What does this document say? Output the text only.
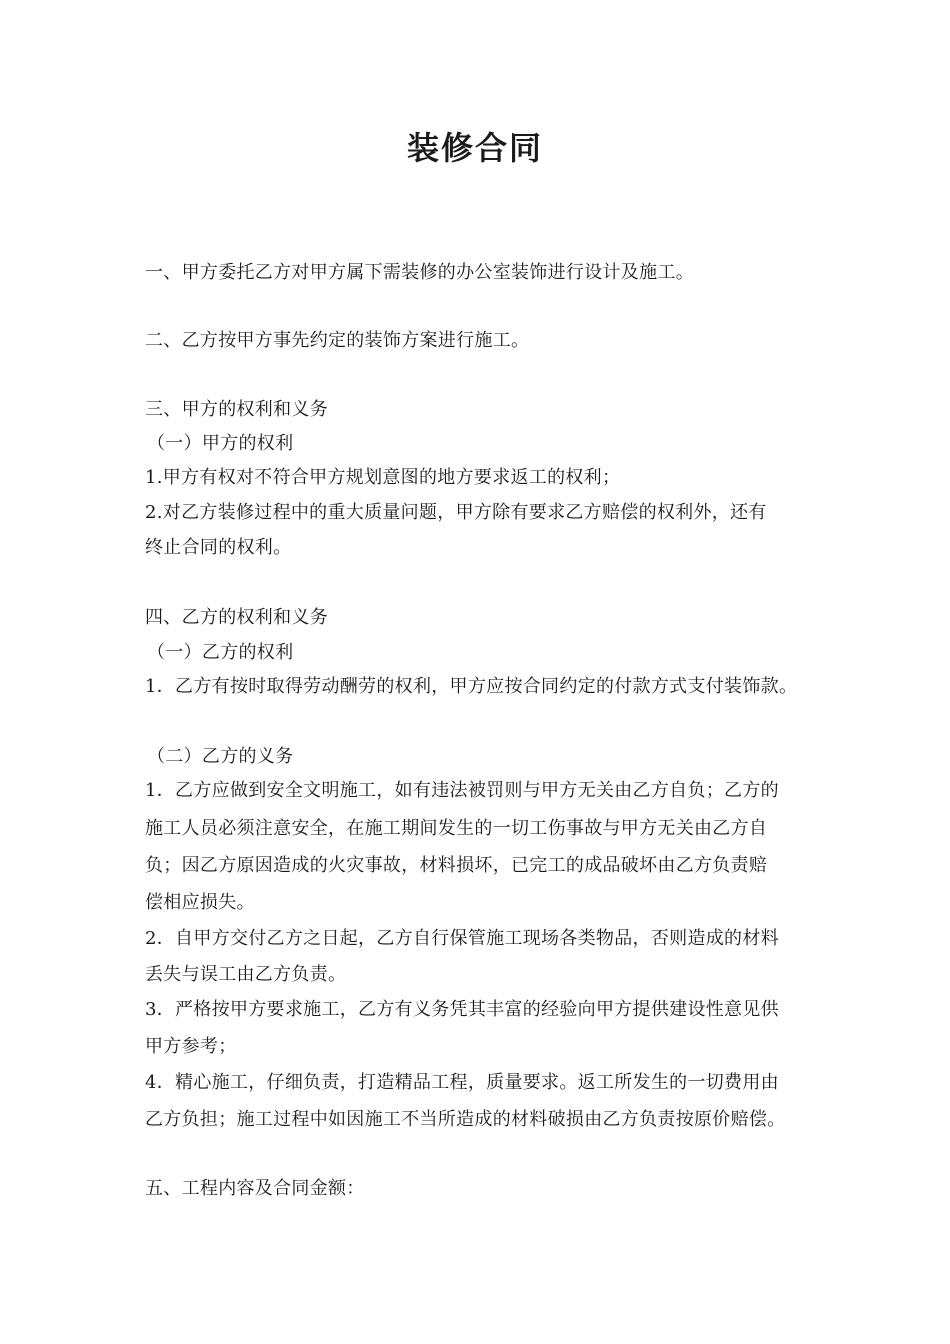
装修合同
一、甲方委托乙方对甲方属下需装修的办公室装饰进行设计及施工。
二、乙方按甲方事先约定的装饰方案进行施工。
三、甲方的权利和义务
（一）甲方的权利
1.甲方有权对不符合甲方规划意图的地方要求返工的权利；
2.对乙方装修过程中的重大质量问题，甲方除有要求乙方赔偿的权利外，还有
终止合同的权利。
四、乙方的权利和义务
（一）乙方的权利
1．乙方有按时取得劳动酬劳的权利，甲方应按合同约定的付款方式支付装饰款。
（二）乙方的义务
1．乙方应做到安全文明施工，如有违法被罚则与甲方无关由乙方自负；乙方的
施工人员必须注意安全，在施工期间发生的一切工伤事故与甲方无关由乙方自
负；因乙方原因造成的火灾事故，材料损坏，已完工的成品破坏由乙方负责赔
偿相应损失。
2．自甲方交付乙方之日起，乙方自行保管施工现场各类物品，否则造成的材料
丢失与误工由乙方负责。
3．严格按甲方要求施工，乙方有义务凭其丰富的经验向甲方提供建设性意见供
甲方参考；
4．精心施工，仔细负责，打造精品工程，质量要求。返工所发生的一切费用由
乙方负担；施工过程中如因施工不当所造成的材料破损由乙方负责按原价赔偿。
五、工程内容及合同金额：
